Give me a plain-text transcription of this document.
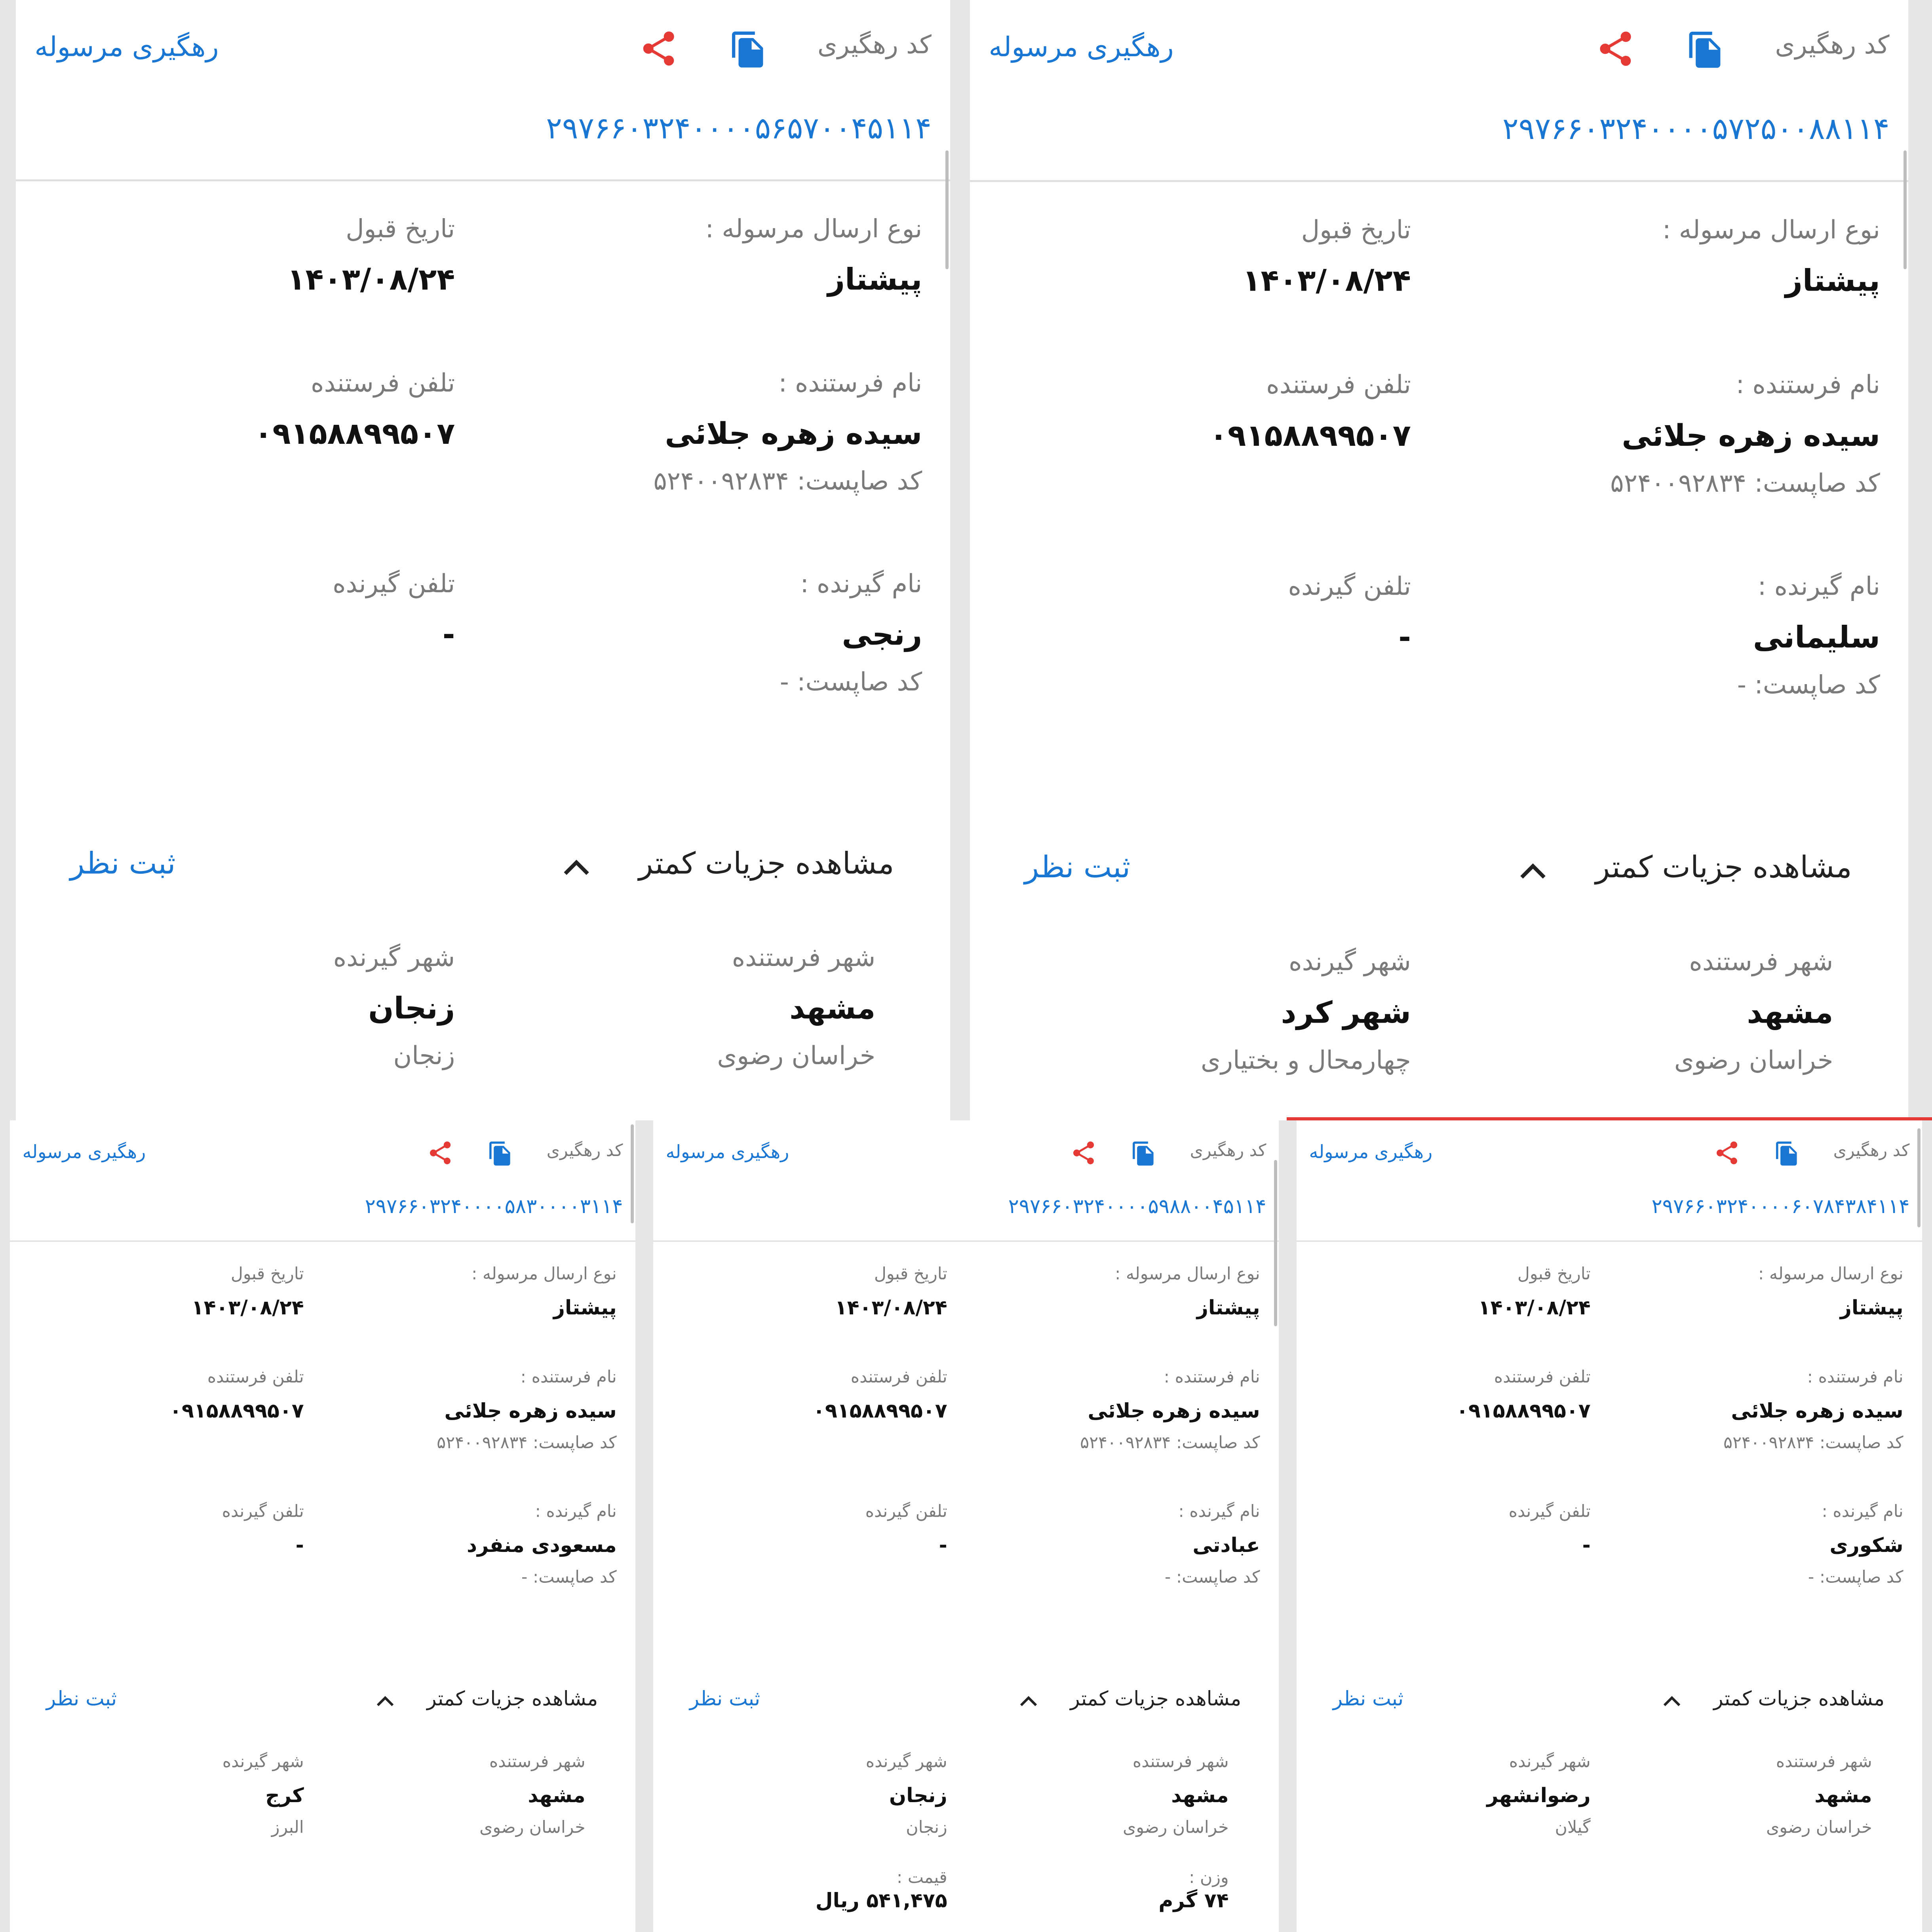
کد رهگیری
رهگیری مرسوله
۲۹۷۶۶۰۳۲۴۰۰۰۰۵۶۵۷۰۰۴۵۱۱۴
نوع ارسال مرسوله :
پیشتاز
تاریخ قبول
۱۴۰۳/۰۸/۲۴
نام فرستنده :
سیده زهره جلائی
کد صاپست: ۵۲۴۰۰۹۲۸۳۴
تلفن فرستنده
۰۹۱۵۸۸۹۹۵۰۷
نام گیرنده :
رنجی
کد صاپست: -
تلفن گیرنده
-
مشاهده جزیات کمتر
ثبت نظر
شهر فرستنده
مشهد
خراسان رضوی
شهر گیرنده
زنجان
زنجان
کد رهگیری
رهگیری مرسوله
۲۹۷۶۶۰۳۲۴۰۰۰۰۵۷۲۵۰۰۸۸۱۱۴
نوع ارسال مرسوله :
پیشتاز
تاریخ قبول
۱۴۰۳/۰۸/۲۴
نام فرستنده :
سیده زهره جلائی
کد صاپست: ۵۲۴۰۰۹۲۸۳۴
تلفن فرستنده
۰۹۱۵۸۸۹۹۵۰۷
نام گیرنده :
سلیمانی
کد صاپست: -
تلفن گیرنده
-
مشاهده جزیات کمتر
ثبت نظر
شهر فرستنده
مشهد
خراسان رضوی
شهر گیرنده
شهر کرد
چهارمحال و بختیاری
کد رهگیری
رهگیری مرسوله
۲۹۷۶۶۰۳۲۴۰۰۰۰۵۸۳۰۰۰۰۳۱۱۴
نوع ارسال مرسوله :
پیشتاز
تاریخ قبول
۱۴۰۳/۰۸/۲۴
نام فرستنده :
سیده زهره جلائی
کد صاپست: ۵۲۴۰۰۹۲۸۳۴
تلفن فرستنده
۰۹۱۵۸۸۹۹۵۰۷
نام گیرنده :
مسعودی منفرد
کد صاپست: -
تلفن گیرنده
-
مشاهده جزیات کمتر
ثبت نظر
شهر فرستنده
مشهد
خراسان رضوی
شهر گیرنده
کرج
البرز
کد رهگیری
رهگیری مرسوله
۲۹۷۶۶۰۳۲۴۰۰۰۰۵۹۸۸۰۰۴۵۱۱۴
نوع ارسال مرسوله :
پیشتاز
تاریخ قبول
۱۴۰۳/۰۸/۲۴
نام فرستنده :
سیده زهره جلائی
کد صاپست: ۵۲۴۰۰۹۲۸۳۴
تلفن فرستنده
۰۹۱۵۸۸۹۹۵۰۷
نام گیرنده :
عبادتی
کد صاپست: -
تلفن گیرنده
-
مشاهده جزیات کمتر
ثبت نظر
شهر فرستنده
مشهد
خراسان رضوی
شهر گیرنده
زنجان
زنجان
وزن :
۷۴ گرم
قیمت :
۵۴۱,۴۷۵ ریال
کد رهگیری
رهگیری مرسوله
۲۹۷۶۶۰۳۲۴۰۰۰۰۶۰۷۸۴۳۸۴۱۱۴
نوع ارسال مرسوله :
پیشتاز
تاریخ قبول
۱۴۰۳/۰۸/۲۴
نام فرستنده :
سیده زهره جلائی
کد صاپست: ۵۲۴۰۰۹۲۸۳۴
تلفن فرستنده
۰۹۱۵۸۸۹۹۵۰۷
نام گیرنده :
شکوری
کد صاپست: -
تلفن گیرنده
-
مشاهده جزیات کمتر
ثبت نظر
شهر فرستنده
مشهد
خراسان رضوی
شهر گیرنده
رضوانشهر
گیلان
